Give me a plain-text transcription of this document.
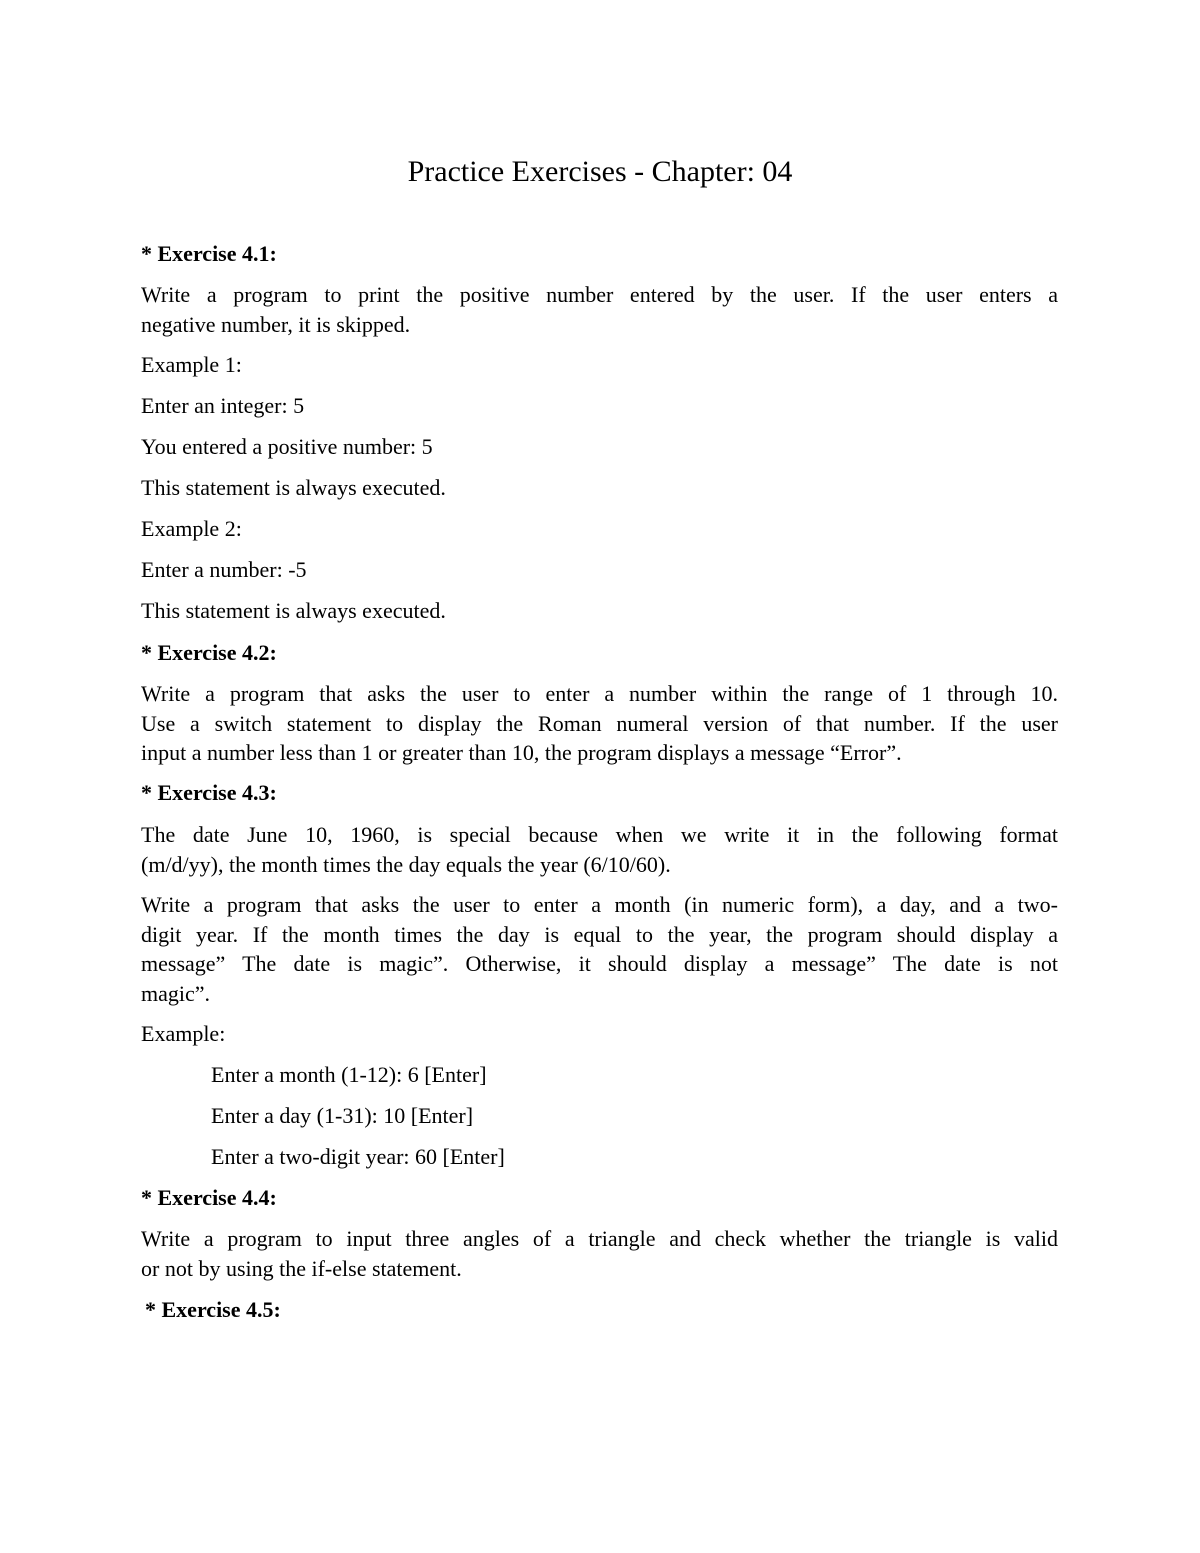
Practice Exercises - Chapter: 04
* Exercise 4.1:
Write a program to print the positive number entered by the user. If the user enters a
negative number, it is skipped.
Example 1:
Enter an integer: 5
You entered a positive number: 5
This statement is always executed.
Example 2:
Enter a number: -5
This statement is always executed.
* Exercise 4.2:
Write a program that asks the user to enter a number within the range of 1 through 10.
Use a switch statement to display the Roman numeral version of that number. If the user
input a number less than 1 or greater than 10, the program displays a message “Error”.
* Exercise 4.3:
The date June 10, 1960, is special because when we write it in the following format
(m/d/yy), the month times the day equals the year (6/10/60).
Write a program that asks the user to enter a month (in numeric form), a day, and a two-
digit year. If the month times the day is equal to the year, the program should display a
message” The date is magic”. Otherwise, it should display a message” The date is not
magic”.
Example:
Enter a month (1-12): 6 [Enter]
Enter a day (1-31): 10 [Enter]
Enter a two-digit year: 60 [Enter]
* Exercise 4.4:
Write a program to input three angles of a triangle and check whether the triangle is valid
or not by using the if-else statement.
* Exercise 4.5:
